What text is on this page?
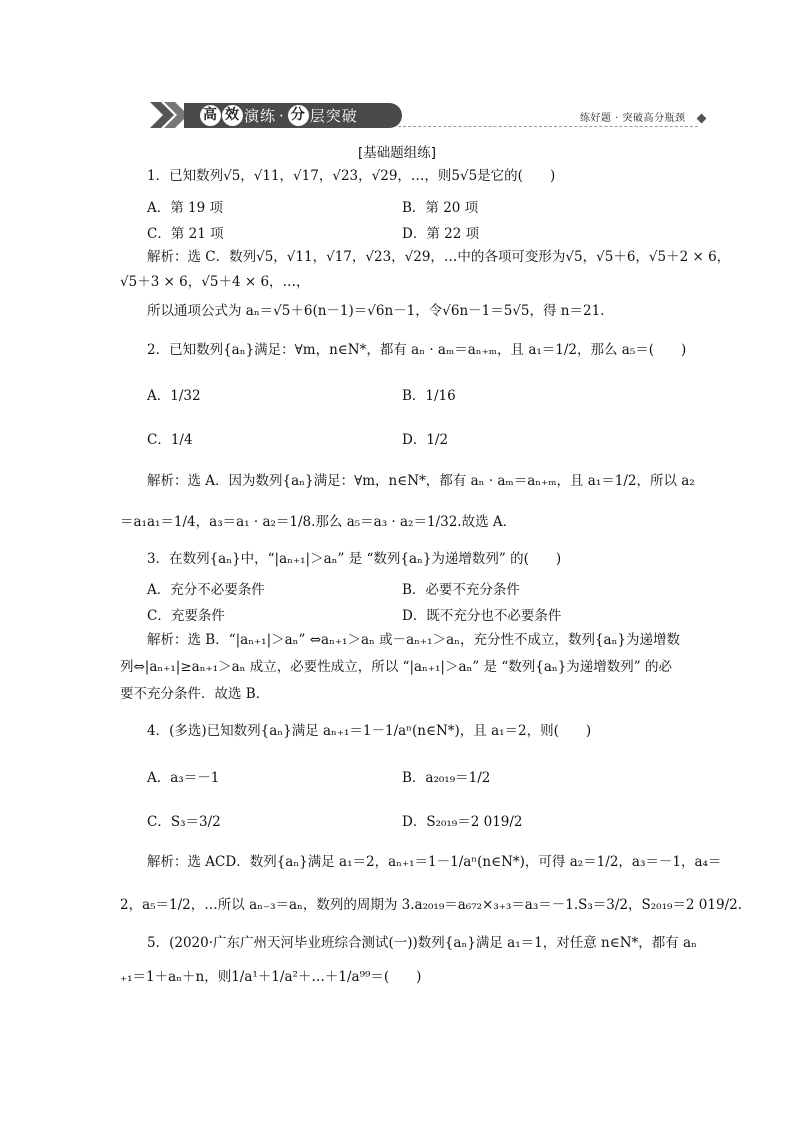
高 效 演练 · 分 层突破	练好题 · 突破高分瓶颈
[基础题组练]
1．已知数列√5，√11，√17，√23，√29，…，则5√5是它的(　　)
A．第 19 项	B．第 20 项
C．第 21 项	D．第 22 项
解析：选 C．数列√5，√11，√17，√23，√29，…中的各项可变形为√5，√5＋6，√5＋2 × 6，
√5＋3 × 6，√5＋4 × 6，…，
所以通项公式为 aₙ＝√5＋6(n－1)＝√6n－1，令√6n－1＝5√5，得 n＝21.
2．已知数列{aₙ}满足：∀m，n∈N*，都有 aₙ · aₘ＝aₙ₊ₘ，且 a₁＝1/2，那么 a₅＝(　　)
A．1/32	B．1/16
C．1/4	D．1/2
解析：选 A．因为数列{aₙ}满足：∀m，n∈N*，都有 aₙ · aₘ＝aₙ₊ₘ，且 a₁＝1/2，所以 a₂
＝a₁a₁＝1/4，a₃＝a₁ · a₂＝1/8.那么 a₅＝a₃ · a₂＝1/32.故选 A．
3．在数列{aₙ}中，“|aₙ₊₁|＞aₙ” 是 “数列{aₙ}为递增数列” 的(　　)
A．充分不必要条件	B．必要不充分条件
C．充要条件	D．既不充分也不必要条件
解析：选 B．“|aₙ₊₁|＞aₙ” ⇔aₙ₊₁＞aₙ 或－aₙ₊₁＞aₙ，充分性不成立，数列{aₙ}为递增数
列⇔|aₙ₊₁|≥aₙ₊₁＞aₙ 成立，必要性成立，所以 “|aₙ₊₁|＞aₙ” 是 “数列{aₙ}为递增数列” 的必
要不充分条件．故选 B．
4．(多选)已知数列{aₙ}满足 aₙ₊₁＝1－1/aⁿ(n∈N*)，且 a₁＝2，则(　　)
A．a₃＝－1	B．a₂₀₁₉＝1/2
C．S₃＝3/2	D．S₂₀₁₉＝2 019/2
解析：选 ACD．数列{aₙ}满足 a₁＝2，aₙ₊₁＝1－1/aⁿ(n∈N*)，可得 a₂＝1/2，a₃＝－1，a₄＝
2，a₅＝1/2，…所以 aₙ₋₃＝aₙ，数列的周期为 3.a₂₀₁₉＝a₆₇₂×₃₊₃＝a₃＝－1.S₃＝3/2，S₂₀₁₉＝2 019/2.
5．(2020·广东广州天河毕业班综合测试(一))数列{aₙ}满足 a₁＝1，对任意 n∈N*，都有 aₙ
₊₁＝1＋aₙ＋n，则1/a¹＋1/a²＋…＋1/a⁹⁹＝(　　)
